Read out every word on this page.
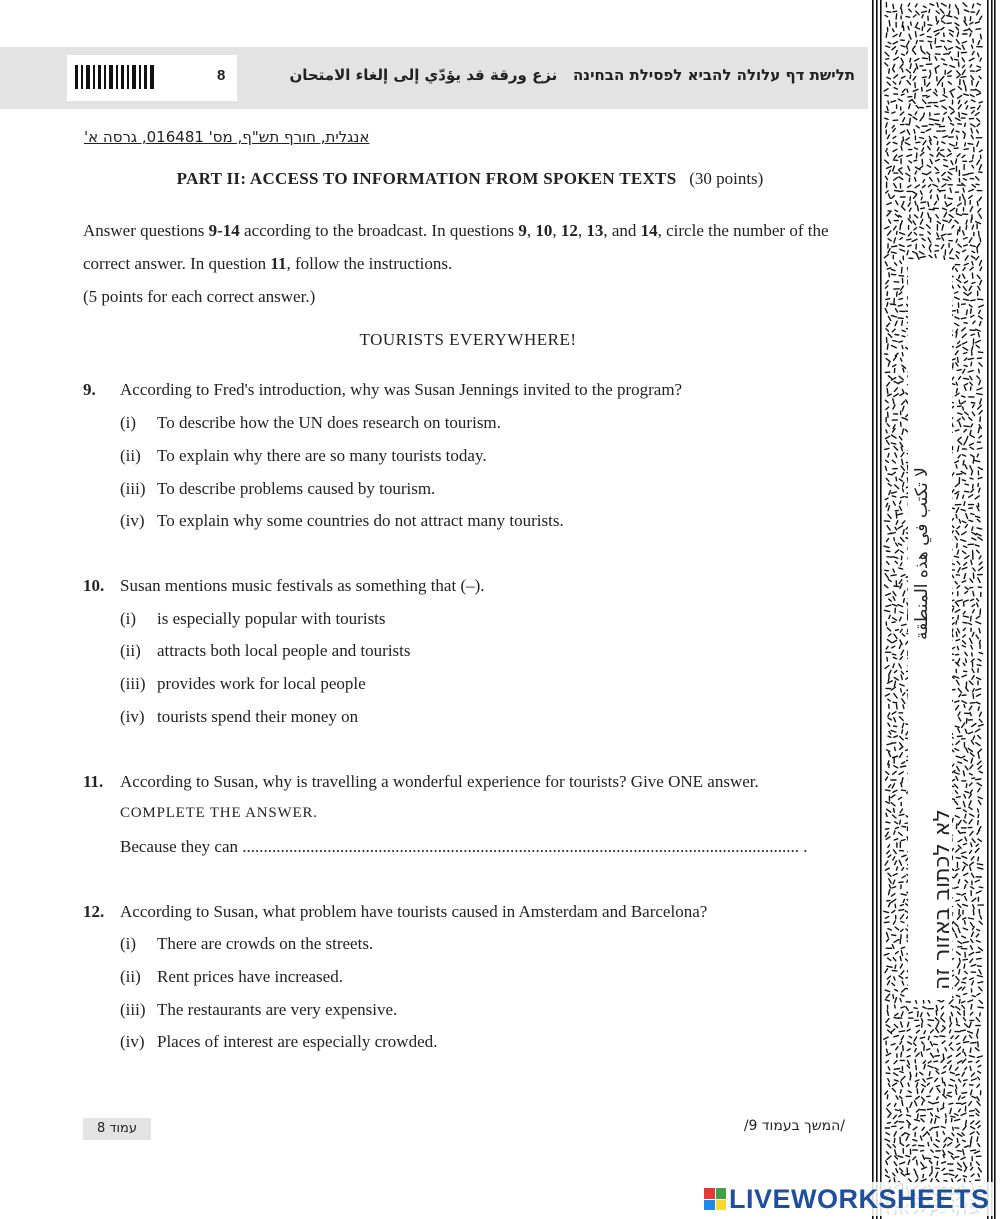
8	תלישת דף עלולה להביא לפסילת הבחינה   نزع ورقة قد يؤدّي إلى إلغاء الامتحان
אנגלית, חורף תש"ף, מס' 016481, גרסה א'
PART II: ACCESS TO INFORMATION FROM SPOKEN TEXTS (30 points)
Answer questions 9-14 according to the broadcast. In questions 9, 10, 12, 13, and 14, circle the number of the correct answer. In question 11, follow the instructions.
(5 points for each correct answer.)
TOURISTS EVERYWHERE!
9. According to Fred's introduction, why was Susan Jennings invited to the program?
(i) To describe how the UN does research on tourism.
(ii) To explain why there are so many tourists today.
(iii) To describe problems caused by tourism.
(iv) To explain why some countries do not attract many tourists.
10. Susan mentions music festivals as something that (–).
(i) is especially popular with tourists
(ii) attracts both local people and tourists
(iii) provides work for local people
(iv) tourists spend their money on
11. According to Susan, why is travelling a wonderful experience for tourists? Give ONE answer.
COMPLETE THE ANSWER.
Because they can ................................................................................................................................... .
12. According to Susan, what problem have tourists caused in Amsterdam and Barcelona?
(i) There are crowds on the streets.
(ii) Rent prices have increased.
(iii) The restaurants are very expensive.
(iv) Places of interest are especially crowded.
עמוד 8	/המשך בעמוד 9/
לא לכתוב באזור זה
لا تكتب في هذه المنطقة
LIVEWORKSHEETS
